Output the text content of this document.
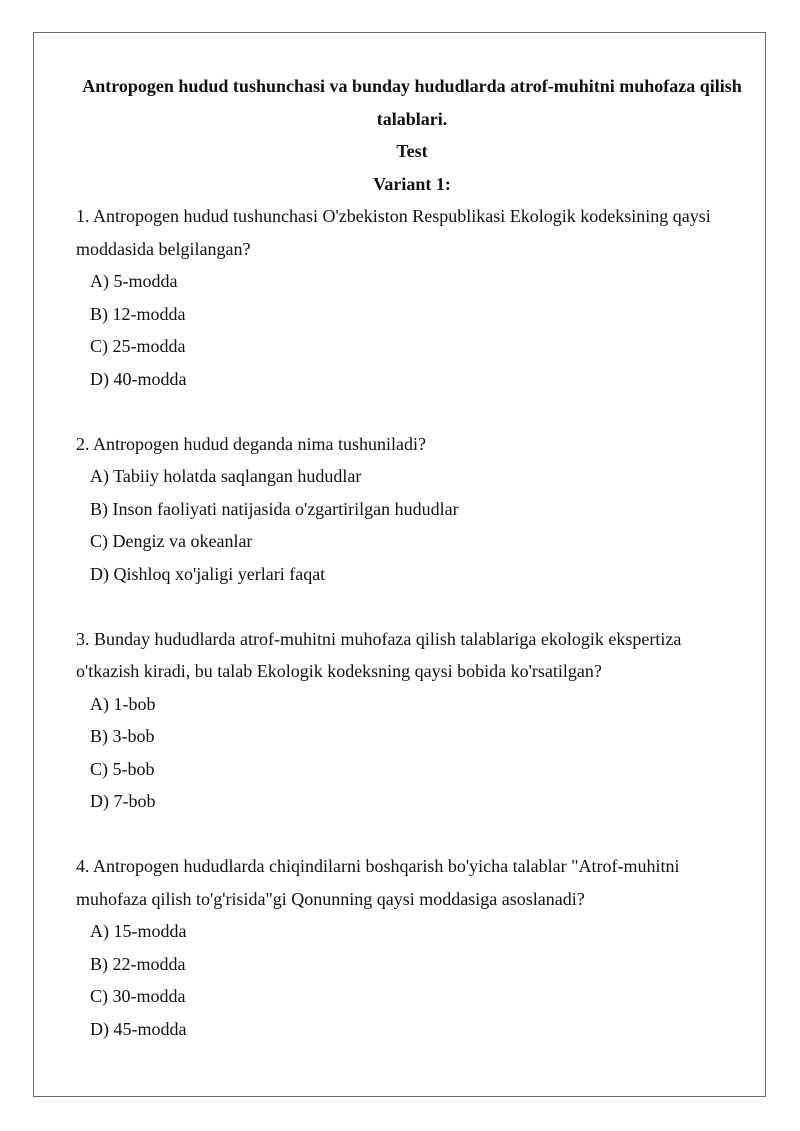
Antropogen hudud tushunchasi va bunday hududlarda atrof-muhitni muhofaza qilish talablari.

Test

Variant 1:

1. Antropogen hudud tushunchasi O'zbekiston Respublikasi Ekologik kodeksining qaysi moddasida belgilangan?

A) 5-modda
B) 12-modda
C) 25-modda
D) 40-modda

2. Antropogen hudud deganda nima tushuniladi?

A) Tabiiy holatda saqlangan hududlar
B) Inson faoliyati natijasida o'zgartirilgan hududlar
C) Dengiz va okeanlar
D) Qishloq xo'jaligi yerlari faqat

3. Bunday hududlarda atrof-muhitni muhofaza qilish talablariga ekologik ekspertiza o'tkazish kiradi, bu talab Ekologik kodeksning qaysi bobida ko'rsatilgan?

A) 1-bob
B) 3-bob
C) 5-bob
D) 7-bob

4. Antropogen hududlarda chiqindilarni boshqarish bo'yicha talablar "Atrof-muhitni muhofaza qilish to'g'risida"gi Qonunning qaysi moddasiga asoslanadi?

A) 15-modda
B) 22-modda
C) 30-modda
D) 45-modda
